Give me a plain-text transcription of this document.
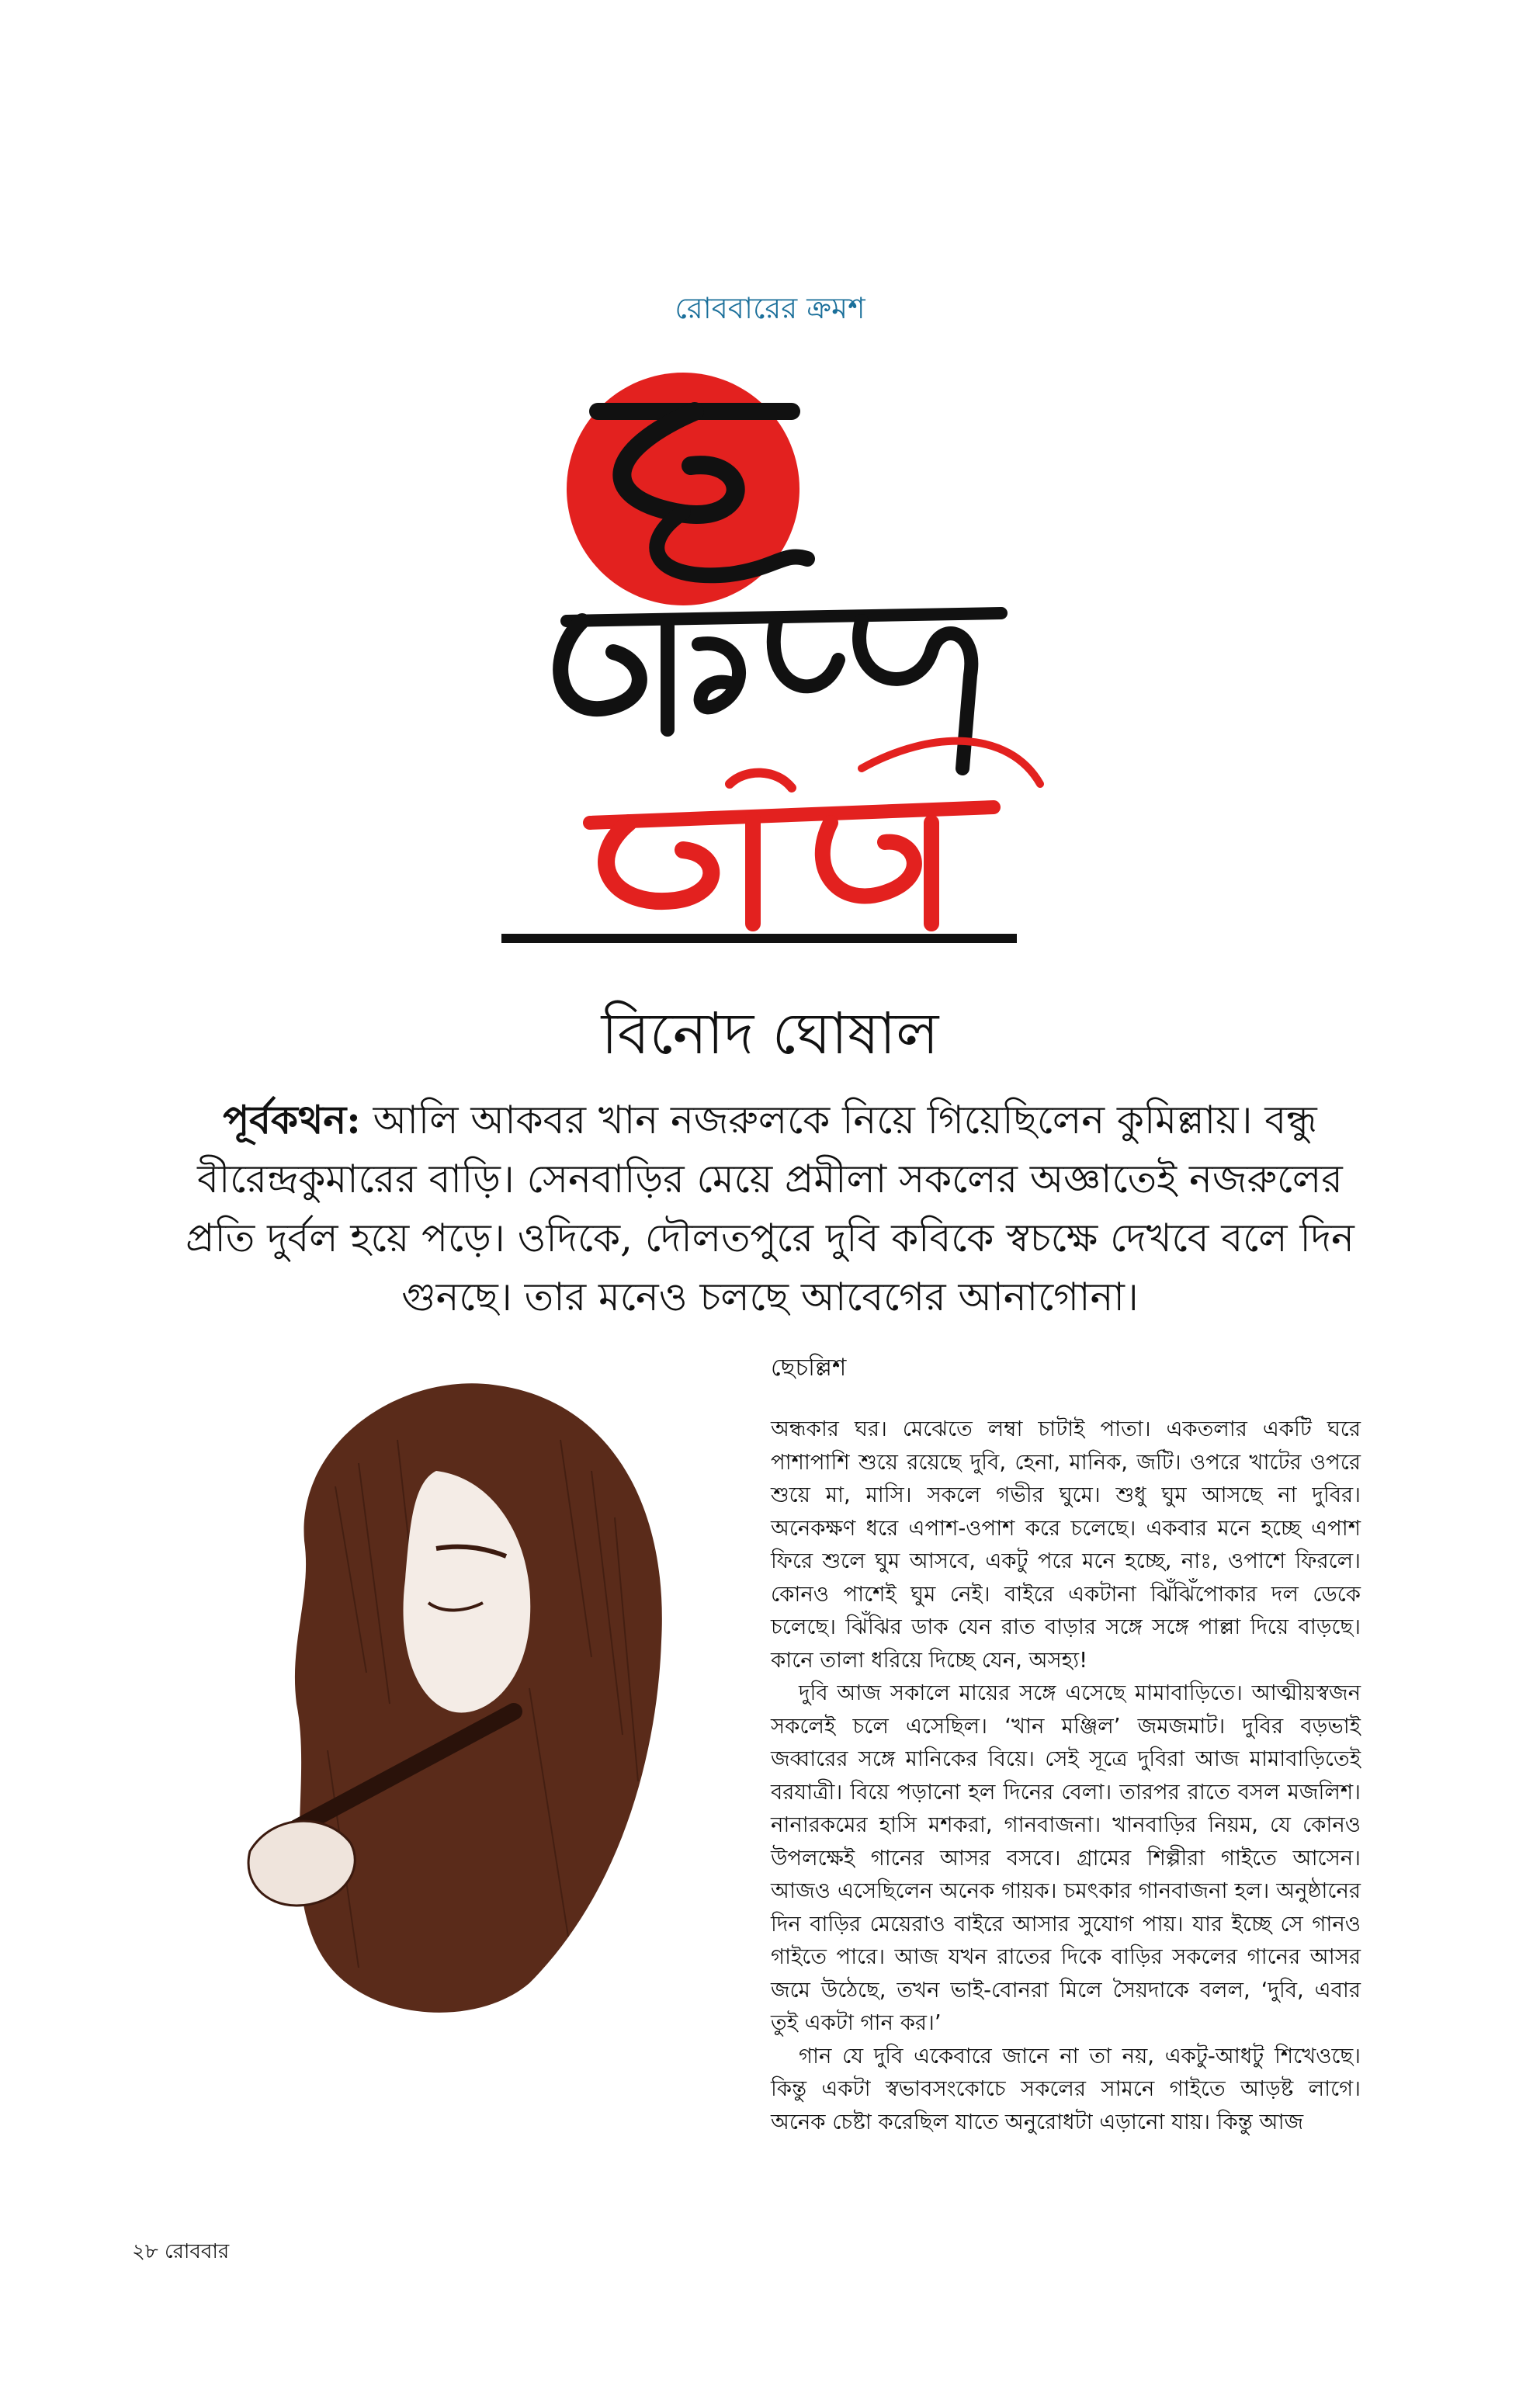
রোববারের ক্রমশ
বিনোদ ঘোষাল
পূর্বকথন: আলি আকবর খান নজরুলকে নিয়ে গিয়েছিলেন কুমিল্লায়। বন্ধু বীরেন্দ্রকুমারের বাড়ি। সেনবাড়ির মেয়ে প্রমীলা সকলের অজ্ঞাতেই নজরুলের প্রতি দুর্বল হয়ে পড়ে। ওদিকে, দৌলতপুরে দুবি কবিকে স্বচক্ষে দেখবে বলে দিন গুনছে। তার মনেও চলছে আবেগের আনাগোনা।
ছেচল্লিশ

অন্ধকার ঘর। মেঝেতে লম্বা চাটাই পাতা। একতলার একটি ঘরে পাশাপাশি শুয়ে রয়েছে দুবি, হেনা, মানিক, জটি। ওপরে খাটের ওপরে শুয়ে মা, মাসি। সকলে গভীর ঘুমে। শুধু ঘুম আসছে না দুবির। অনেকক্ষণ ধরে এপাশ-ওপাশ করে চলেছে। একবার মনে হচ্ছে এপাশ ফিরে শুলে ঘুম আসবে, একটু পরে মনে হচ্ছে, নাঃ, ওপাশে ফিরলে। কোনও পাশেই ঘুম নেই। বাইরে একটানা ঝিঁঝিঁপোকার দল ডেকে চলেছে। ঝিঁঝির ডাক যেন রাত বাড়ার সঙ্গে সঙ্গে পাল্লা দিয়ে বাড়ছে। কানে তালা ধরিয়ে দিচ্ছে যেন, অসহ্য!

দুবি আজ সকালে মায়ের সঙ্গে এসেছে মামাবাড়িতে। আত্মীয়স্বজন সকলেই চলে এসেছিল। ‘খান মঞ্জিল’ জমজমাট। দুবির বড়ভাই জব্বারের সঙ্গে মানিকের বিয়ে। সেই সূত্রে দুবিরা আজ মামাবাড়িতেই বরযাত্রী। বিয়ে পড়ানো হল দিনের বেলা। তারপর রাতে বসল মজলিশ। নানারকমের হাসি মশকরা, গানবাজনা। খানবাড়ির নিয়ম, যে কোনও উপলক্ষেই গানের আসর বসবে। গ্রামের শিল্পীরা গাইতে আসেন। আজও এসেছিলেন অনেক গায়ক। চমৎকার গানবাজনা হল। অনুষ্ঠানের দিন বাড়ির মেয়েরাও বাইরে আসার সুযোগ পায়। যার ইচ্ছে সে গানও গাইতে পারে। আজ যখন রাতের দিকে বাড়ির সকলের গানের আসর জমে উঠেছে, তখন ভাই-বোনরা মিলে সৈয়দাকে বলল, ‘দুবি, এবার তুই একটা গান কর।’

গান যে দুবি একেবারে জানে না তা নয়, একটু-আধটু শিখেওছে। কিন্তু একটা স্বভাবসংকোচে সকলের সামনে গাইতে আড়ষ্ট লাগে। অনেক চেষ্টা করেছিল যাতে অনুরোধটা এড়ানো যায়। কিন্তু আজ

২৮ রোববার
